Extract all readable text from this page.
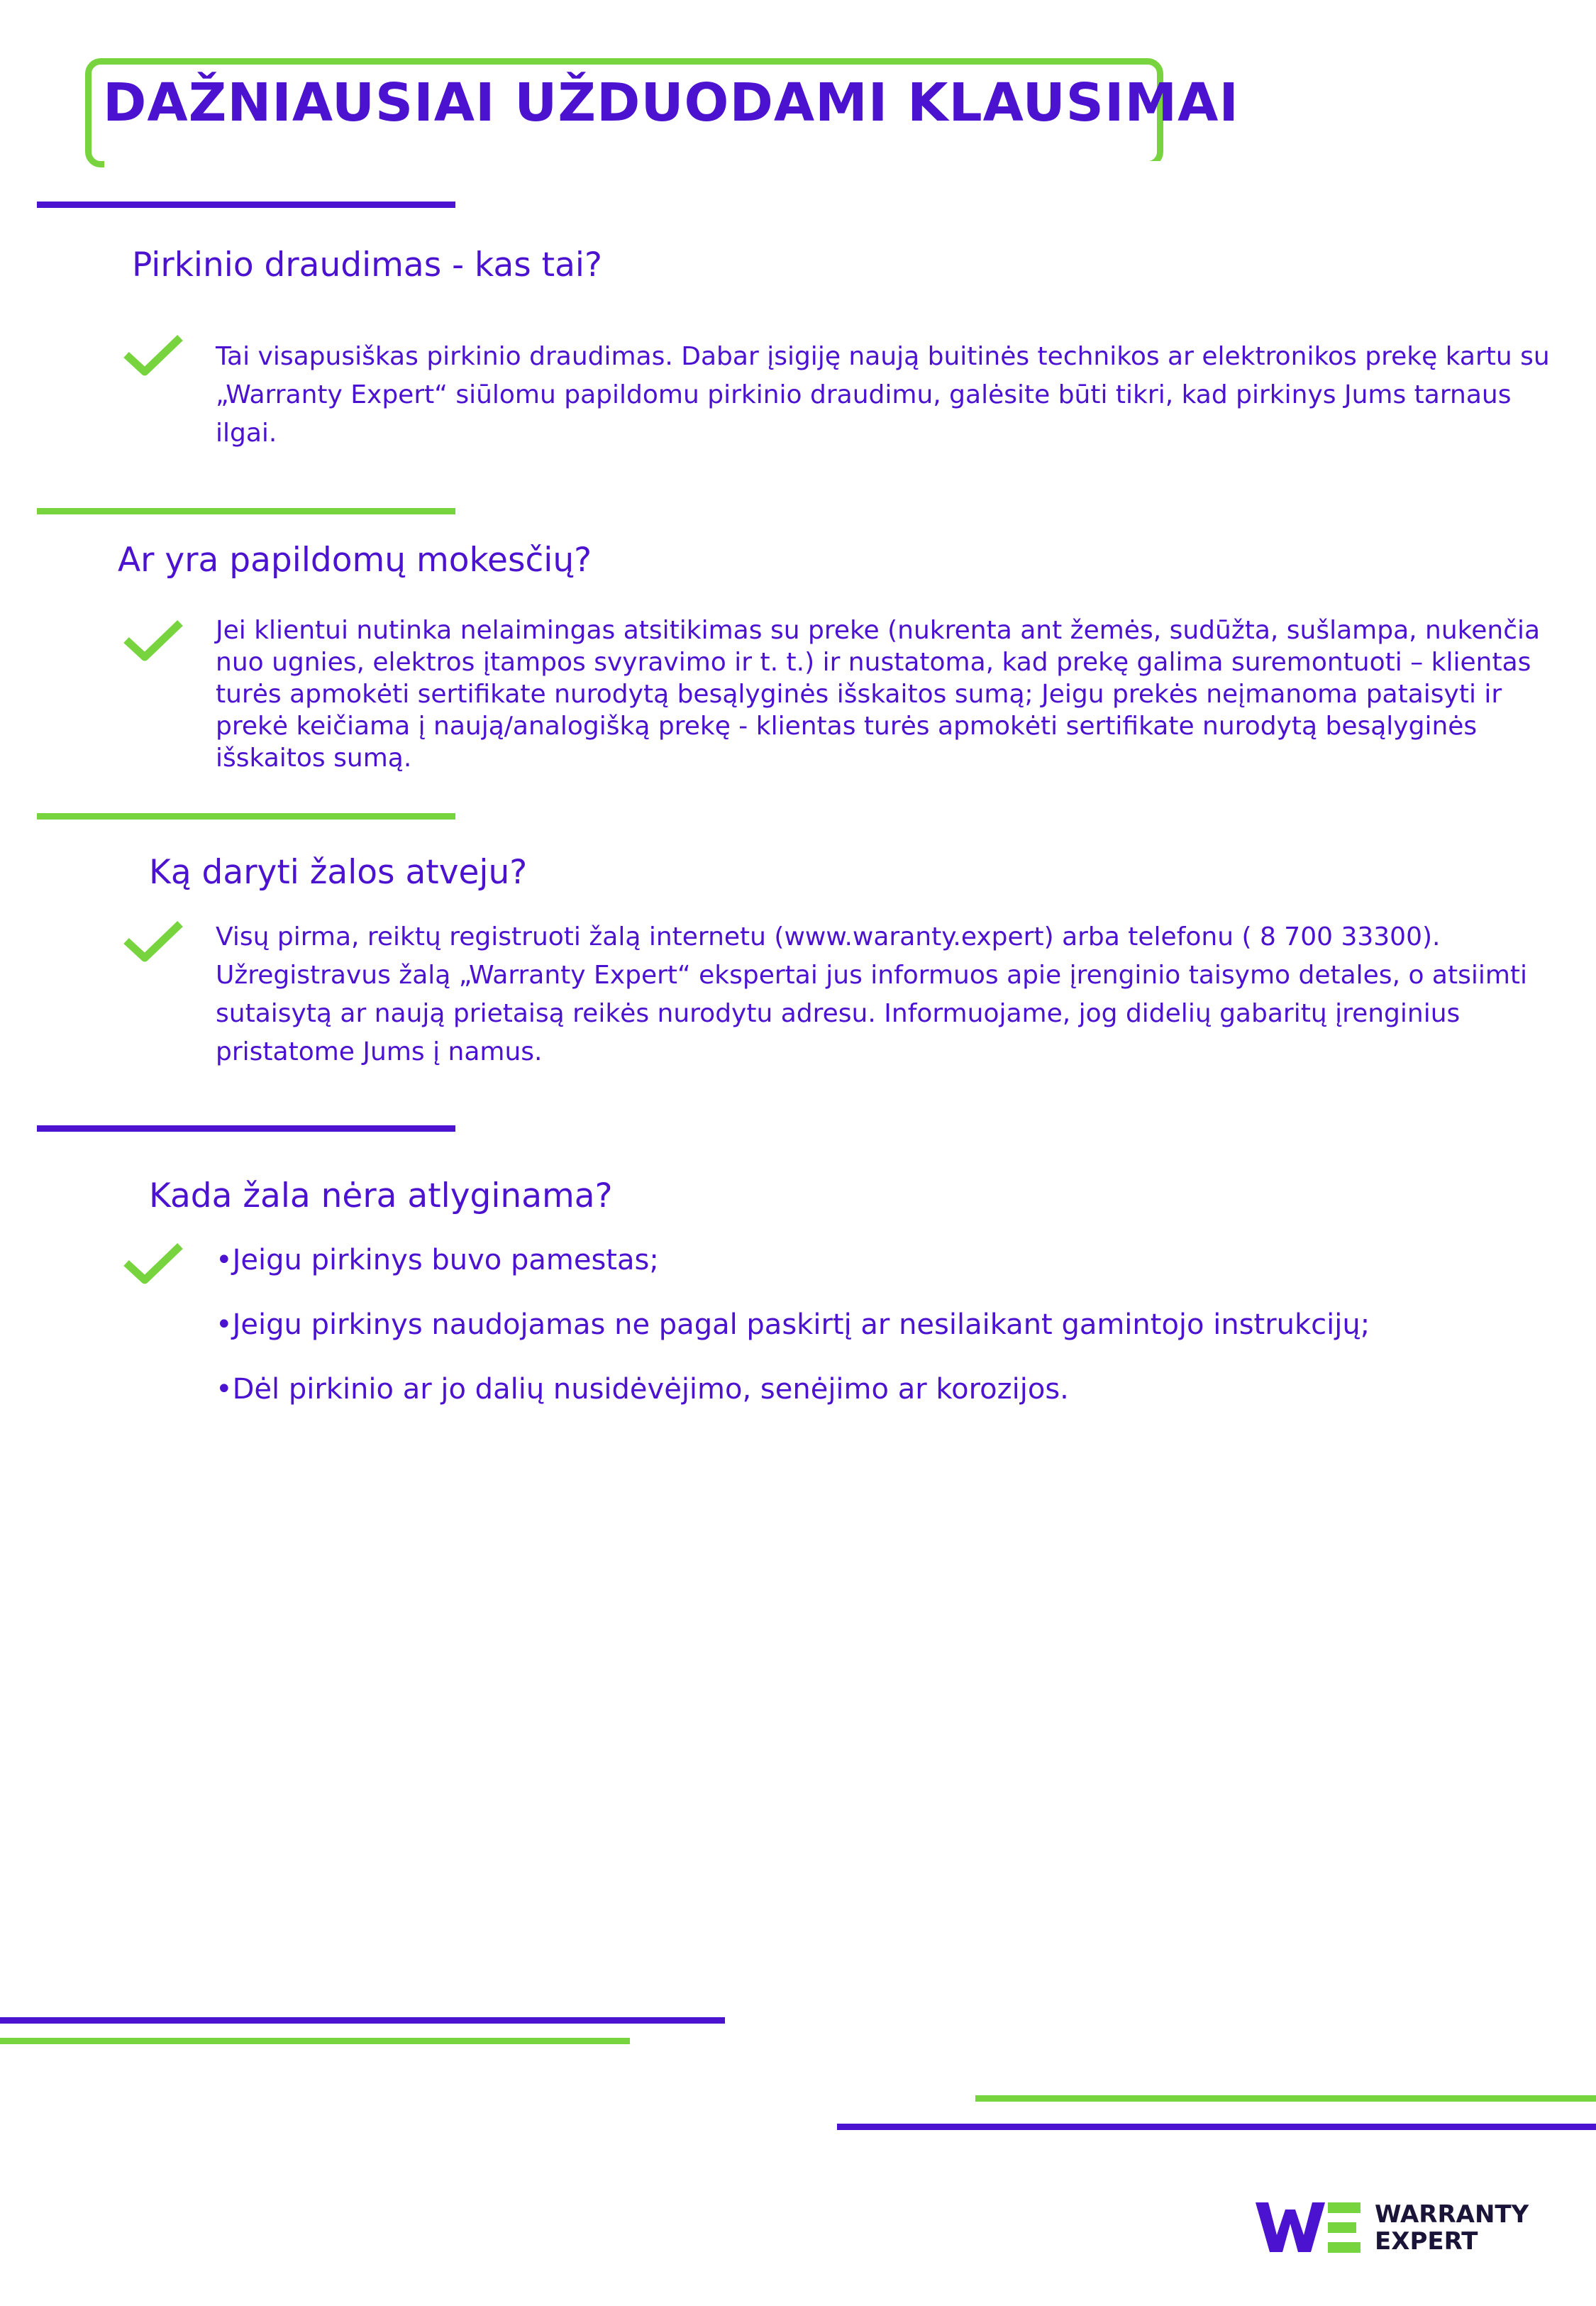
DAŽNIAUSIAI UŽDUODAMI KLAUSIMAI
Pirkinio draudimas - kas tai?
Tai visapusiškas pirkinio draudimas. Dabar įsigiję naują buitinės technikos ar elektronikos prekę kartu su „Warranty Expert“ siūlomu papildomu pirkinio draudimu, galėsite būti tikri, kad pirkinys Jums tarnaus ilgai.
Ar yra papildomų mokesčių?
Jei klientui nutinka nelaimingas atsitikimas su preke (nukrenta ant žemės, sudūžta, sušlampa, nukenčia nuo ugnies, elektros įtampos svyravimo ir t. t.) ir nustatoma, kad prekę galima suremontuoti – klientas turės apmokėti sertifikate nurodytą besąlyginės išskaitos sumą; Jeigu prekės neįmanoma pataisyti ir prekė keičiama į naują/analogišką prekę - klientas turės apmokėti sertifikate nurodytą besąlyginės išskaitos sumą.
Ką daryti žalos atveju?
Visų pirma, reiktų registruoti žalą internetu (www.waranty.expert) arba telefonu ( 8 700 33300). Užregistravus žalą „Warranty Expert“ ekspertai jus informuos apie įrenginio taisymo detales, o atsiimti sutaisytą ar naują prietaisą reikės nurodytu adresu. Informuojame, jog didelių gabaritų įrenginius pristatome Jums į namus.
Kada žala nėra atlyginama?
•Jeigu pirkinys buvo pamestas;
•Jeigu pirkinys naudojamas ne pagal paskirtį ar nesilaikant gamintojo instrukcijų;
•Dėl pirkinio ar jo dalių nusidėvėjimo, senėjimo ar korozijos.
WARRANTY
EXPERT
